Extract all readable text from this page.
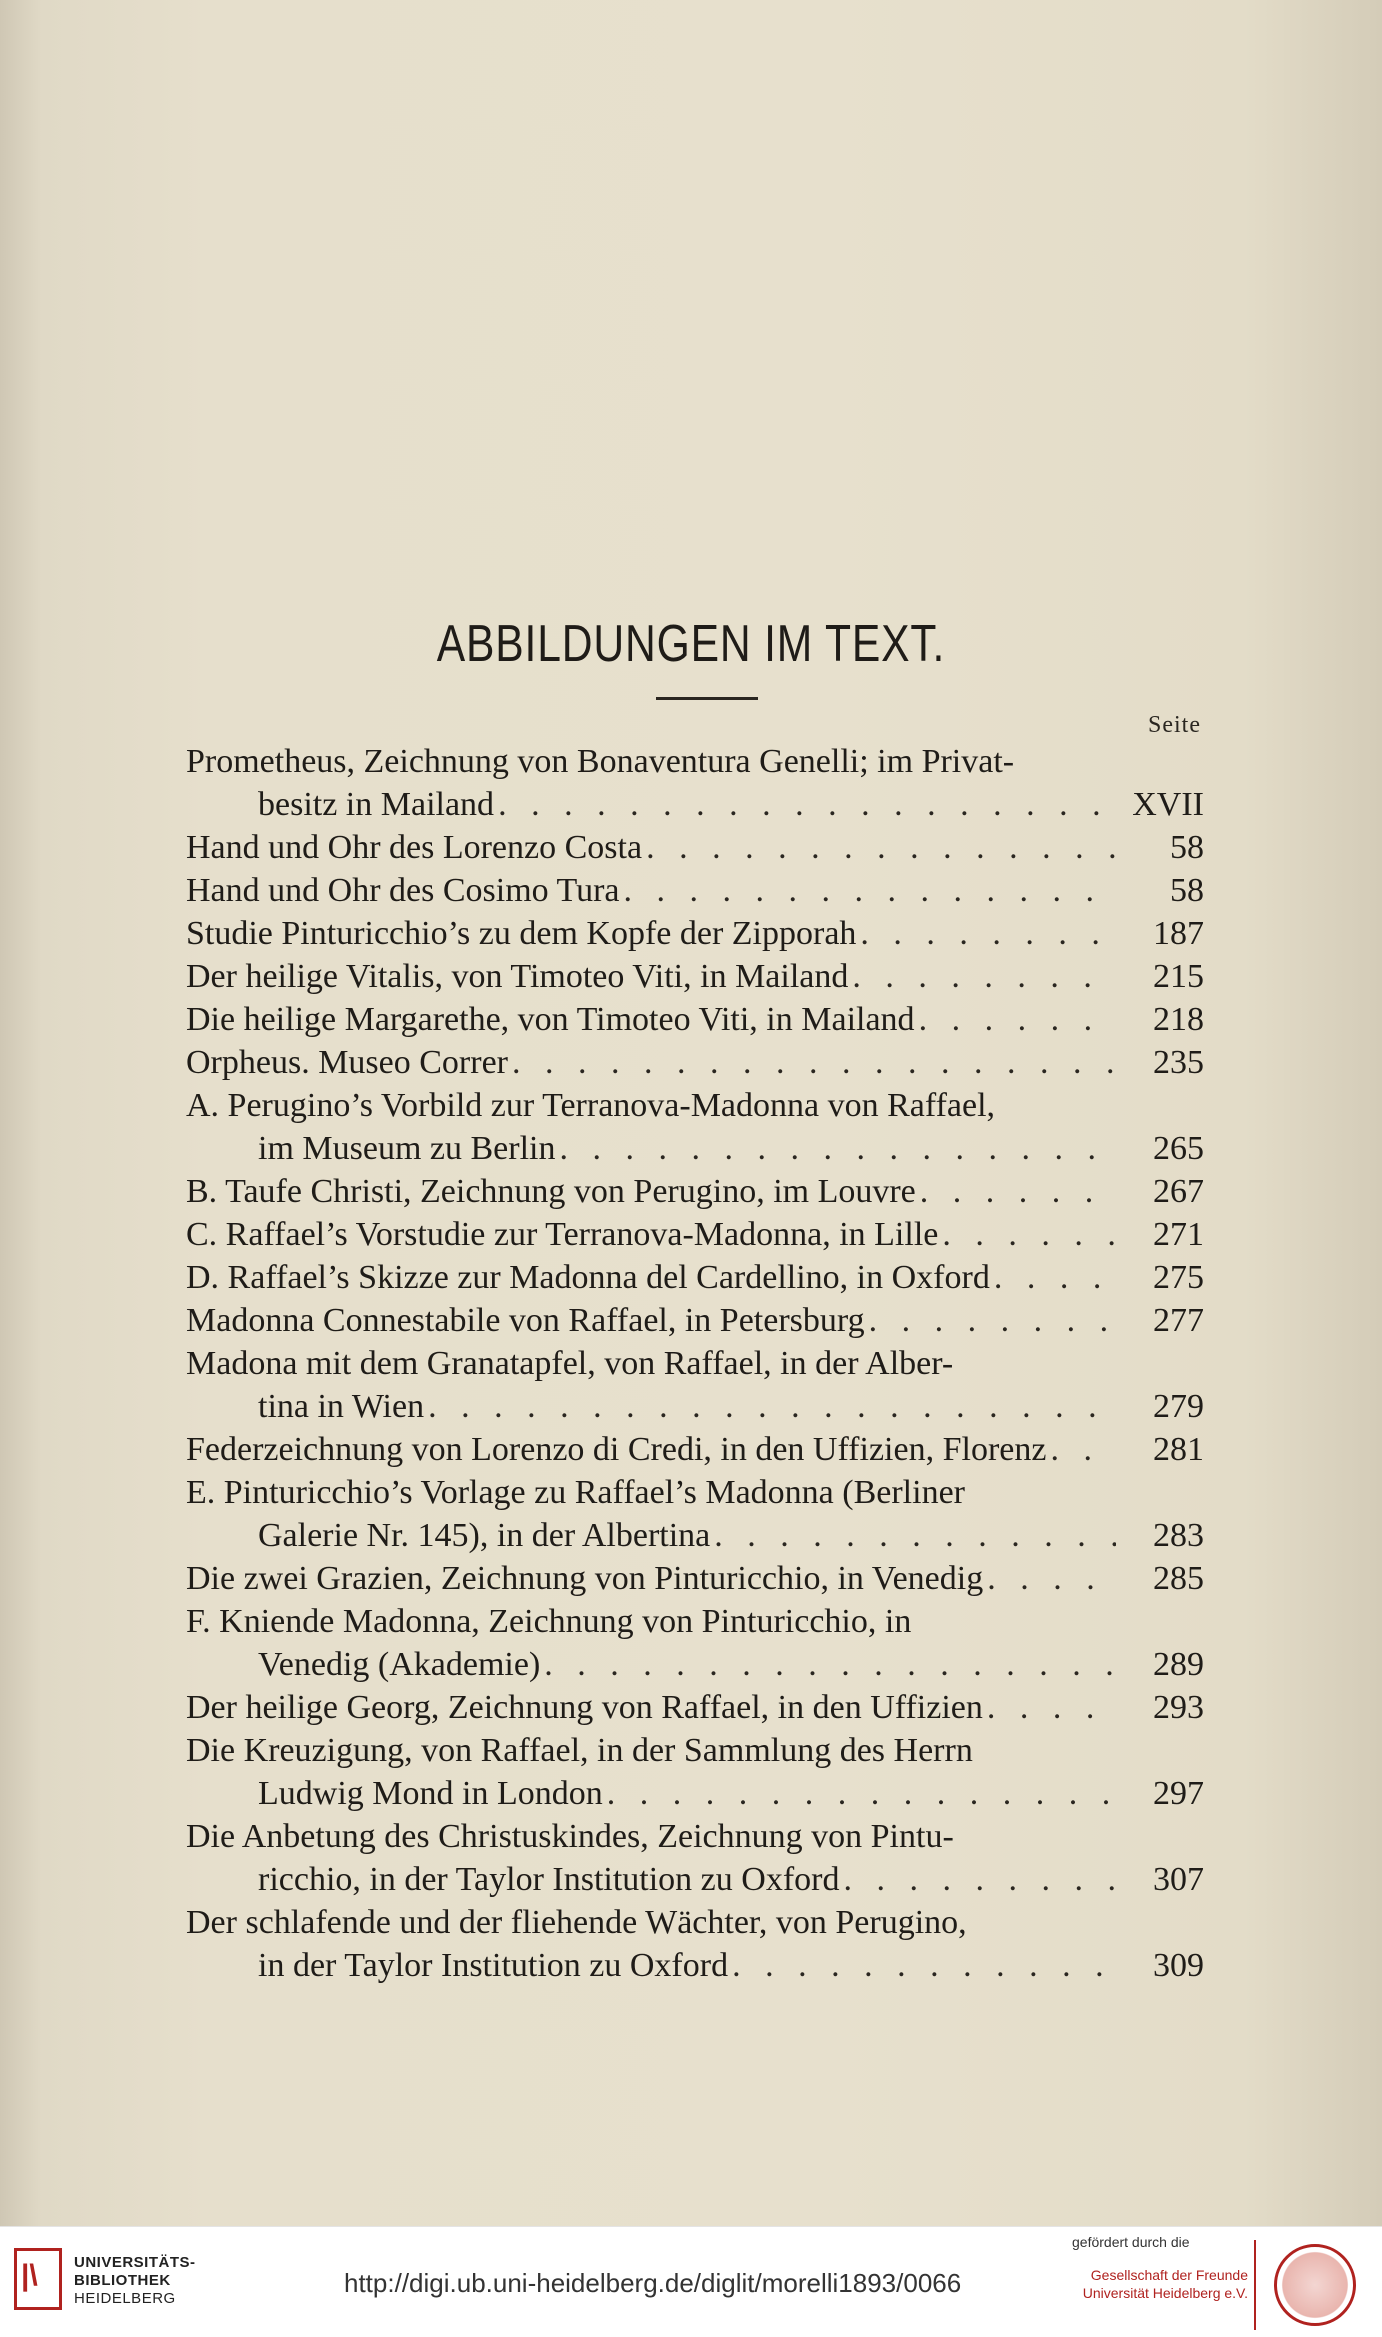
ABBILDUNGEN IM TEXT.
Seite
Prometheus, Zeichnung von Bonaventura Genelli; im Privat-
XVII
besitz in Mailand
. . .
58
Hand und Ohr des Lorenzo Costa
. . .
58
Hand und Ohr des Cosimo Tura
. . .
187
Studie Pinturicchio’s zu dem Kopfe der Zipporah
. . .
215
Der heilige Vitalis, von Timoteo Viti, in Mailand
. . .
218
Die heilige Margarethe, von Timoteo Viti, in Mailand
. . .
235
Orpheus. Museo Correr
. . .
A. Perugino’s Vorbild zur Terranova-Madonna von Raffael,
265
im Museum zu Berlin
. . .
267
B. Taufe Christi, Zeichnung von Perugino, im Louvre
. . .
271
C. Raffael’s Vorstudie zur Terranova-Madonna, in Lille
. . .
275
D. Raffael’s Skizze zur Madonna del Cardellino, in Oxford
. . .
277
Madonna Connestabile von Raffael, in Petersburg
. . .
Madona mit dem Granatapfel, von Raffael, in der Alber-
279
tina in Wien
. . .
281
Federzeichnung von Lorenzo di Credi, in den Uffizien, Florenz
. . .
E. Pinturicchio’s Vorlage zu Raffael’s Madonna (Berliner
283
Galerie Nr. 145), in der Albertina
. . .
285
Die zwei Grazien, Zeichnung von Pinturicchio, in Venedig
. . .
F. Kniende Madonna, Zeichnung von Pinturicchio, in
289
Venedig (Akademie)
. . .
293
Der heilige Georg, Zeichnung von Raffael, in den Uffizien
. . .
Die Kreuzigung, von Raffael, in der Sammlung des Herrn
297
Ludwig Mond in London
. . .
Die Anbetung des Christuskindes, Zeichnung von Pintu-
307
ricchio, in der Taylor Institution zu Oxford
. . .
Der schlafende und der fliehende Wächter, von Perugino,
309
in der Taylor Institution zu Oxford
. . .
|\ UNIVERSITÄTS-
BIBLIOTHEK
HEIDELBERG
http://digi.ub.uni-heidelberg.de/diglit/morelli1893/0066
gefördert durch die
Gesellschaft der Freunde
Universität Heidelberg e.V.
